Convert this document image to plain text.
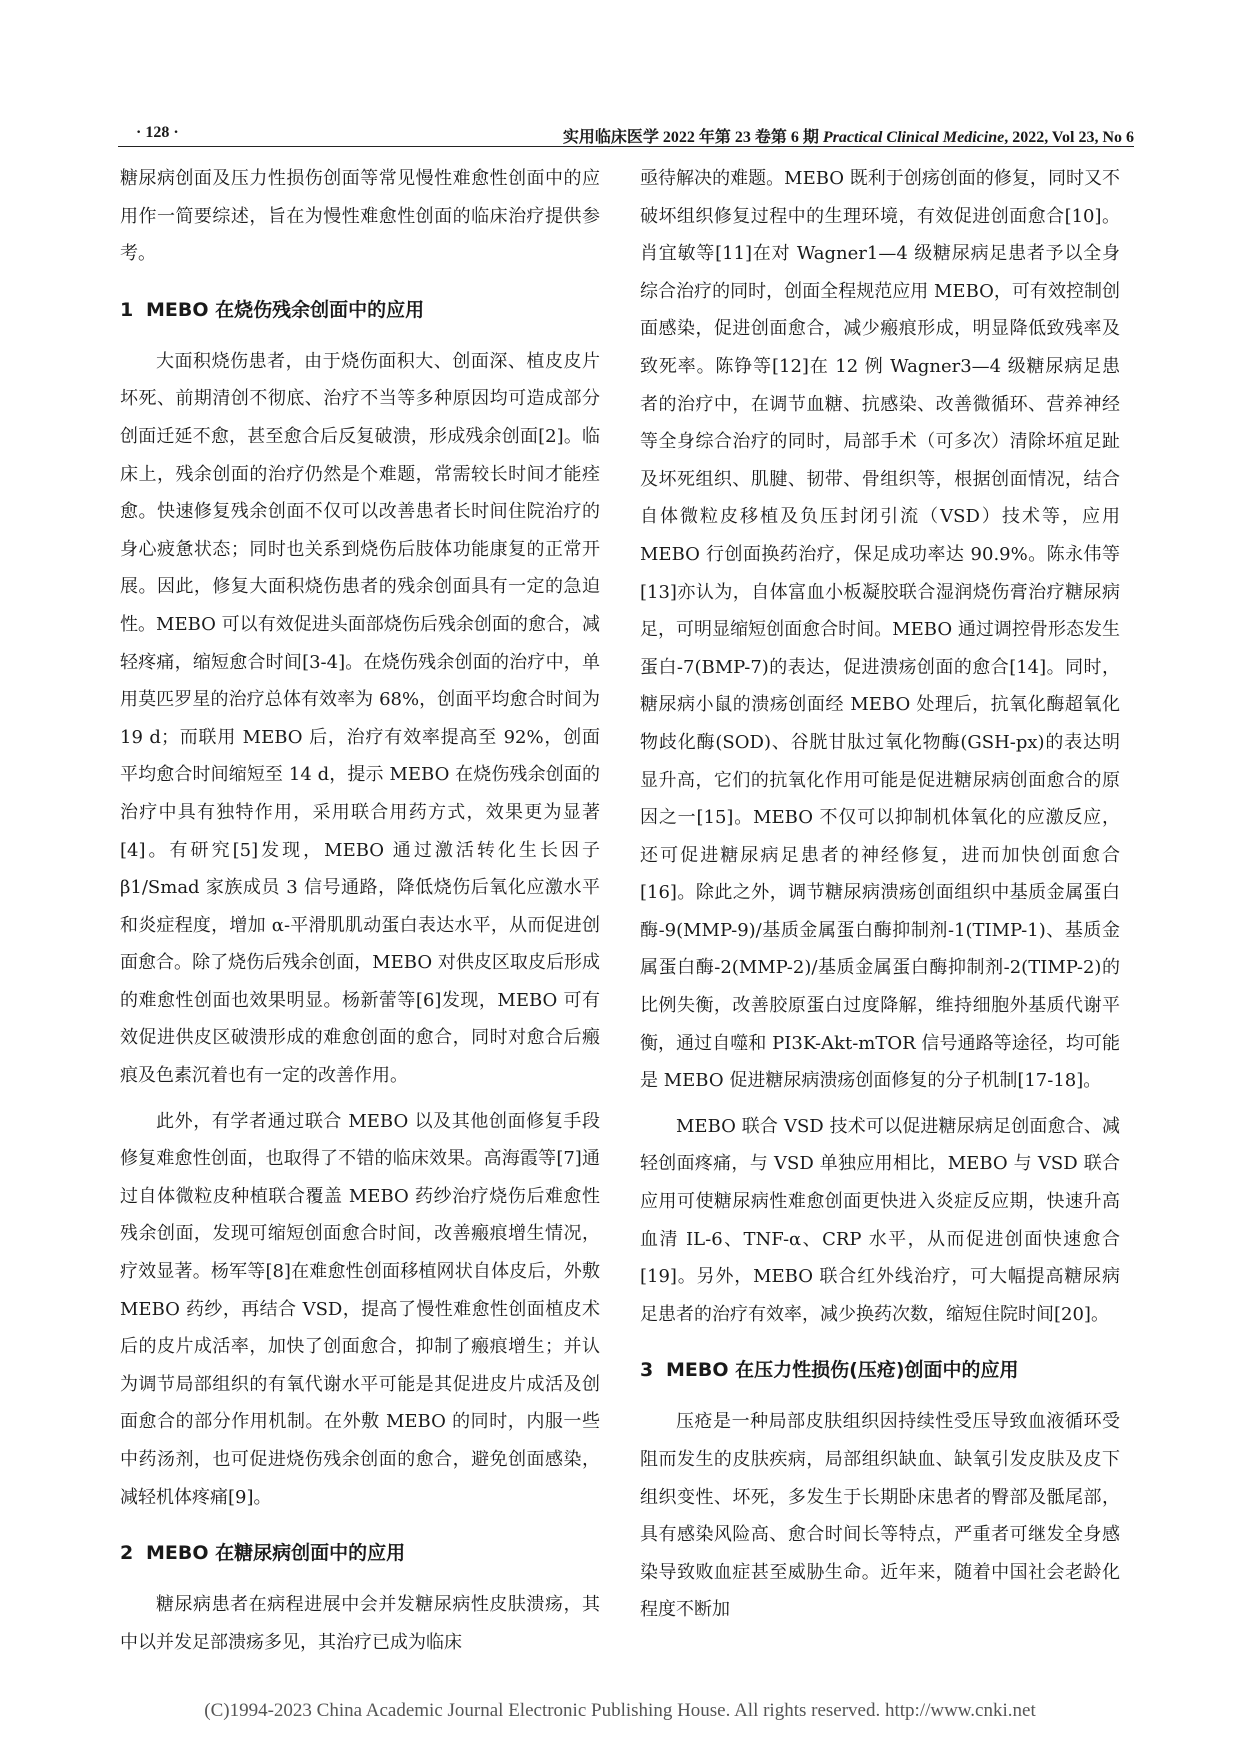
· 128 ·	实用临床医学 2022 年第 23 卷第 6 期 Practical Clinical Medicine, 2022, Vol 23, No 6

糖尿病创面及压力性损伤创面等常见慢性难愈性创面中的应用作一简要综述，旨在为慢性难愈性创面的临床治疗提供参考。

1 MEBO 在烧伤残余创面中的应用

大面积烧伤患者，由于烧伤面积大、创面深、植皮皮片坏死、前期清创不彻底、治疗不当等多种原因均可造成部分创面迁延不愈，甚至愈合后反复破溃，形成残余创面[2]。临床上，残余创面的治疗仍然是个难题，常需较长时间才能痊愈。快速修复残余创面不仅可以改善患者长时间住院治疗的身心疲惫状态；同时也关系到烧伤后肢体功能康复的正常开展。因此，修复大面积烧伤患者的残余创面具有一定的急迫性。MEBO 可以有效促进头面部烧伤后残余创面的愈合，减轻疼痛，缩短愈合时间[3-4]。在烧伤残余创面的治疗中，单用莫匹罗星的治疗总体有效率为 68%，创面平均愈合时间为 19 d；而联用 MEBO 后，治疗有效率提高至 92%，创面平均愈合时间缩短至 14 d，提示 MEBO 在烧伤残余创面的治疗中具有独特作用，采用联合用药方式，效果更为显著[4]。有研究[5]发现，MEBO 通过激活转化生长因子 β1/Smad 家族成员 3 信号通路，降低烧伤后氧化应激水平和炎症程度，增加 α-平滑肌肌动蛋白表达水平，从而促进创面愈合。除了烧伤后残余创面，MEBO 对供皮区取皮后形成的难愈性创面也效果明显。杨新蕾等[6]发现，MEBO 可有效促进供皮区破溃形成的难愈创面的愈合，同时对愈合后瘢痕及色素沉着也有一定的改善作用。

此外，有学者通过联合 MEBO 以及其他创面修复手段修复难愈性创面，也取得了不错的临床效果。高海霞等[7]通过自体微粒皮种植联合覆盖 MEBO 药纱治疗烧伤后难愈性残余创面，发现可缩短创面愈合时间，改善瘢痕增生情况，疗效显著。杨军等[8]在难愈性创面移植网状自体皮后，外敷 MEBO 药纱，再结合 VSD，提高了慢性难愈性创面植皮术后的皮片成活率，加快了创面愈合，抑制了瘢痕增生；并认为调节局部组织的有氧代谢水平可能是其促进皮片成活及创面愈合的部分作用机制。在外敷 MEBO 的同时，内服一些中药汤剂，也可促进烧伤残余创面的愈合，避免创面感染，减轻机体疼痛[9]。

2 MEBO 在糖尿病创面中的应用

糖尿病患者在病程进展中会并发糖尿病性皮肤溃疡，其中以并发足部溃疡多见，其治疗已成为临床

亟待解决的难题。MEBO 既利于创疡创面的修复，同时又不破坏组织修复过程中的生理环境，有效促进创面愈合[10]。肖宜敏等[11]在对 Wagner1—4 级糖尿病足患者予以全身综合治疗的同时，创面全程规范应用 MEBO，可有效控制创面感染，促进创面愈合，减少瘢痕形成，明显降低致残率及致死率。陈铮等[12]在 12 例 Wagner3—4 级糖尿病足患者的治疗中，在调节血糖、抗感染、改善微循环、营养神经等全身综合治疗的同时，局部手术（可多次）清除坏疽足趾及坏死组织、肌腱、韧带、骨组织等，根据创面情况，结合自体微粒皮移植及负压封闭引流（VSD）技术等，应用 MEBO 行创面换药治疗，保足成功率达 90.9%。陈永伟等[13]亦认为，自体富血小板凝胶联合湿润烧伤膏治疗糖尿病足，可明显缩短创面愈合时间。MEBO 通过调控骨形态发生蛋白-7(BMP-7)的表达，促进溃疡创面的愈合[14]。同时，糖尿病小鼠的溃疡创面经 MEBO 处理后，抗氧化酶超氧化物歧化酶(SOD)、谷胱甘肽过氧化物酶(GSH-px)的表达明显升高，它们的抗氧化作用可能是促进糖尿病创面愈合的原因之一[15]。MEBO 不仅可以抑制机体氧化的应激反应，还可促进糖尿病足患者的神经修复，进而加快创面愈合[16]。除此之外，调节糖尿病溃疡创面组织中基质金属蛋白酶-9(MMP-9)/基质金属蛋白酶抑制剂-1(TIMP-1)、基质金属蛋白酶-2(MMP-2)/基质金属蛋白酶抑制剂-2(TIMP-2)的比例失衡，改善胶原蛋白过度降解，维持细胞外基质代谢平衡，通过自噬和 PI3K-Akt-mTOR 信号通路等途径，均可能是 MEBO 促进糖尿病溃疡创面修复的分子机制[17-18]。

MEBO 联合 VSD 技术可以促进糖尿病足创面愈合、减轻创面疼痛，与 VSD 单独应用相比，MEBO 与 VSD 联合应用可使糖尿病性难愈创面更快进入炎症反应期，快速升高血清 IL-6、TNF-α、CRP 水平，从而促进创面快速愈合[19]。另外，MEBO 联合红外线治疗，可大幅提高糖尿病足患者的治疗有效率，减少换药次数，缩短住院时间[20]。

3 MEBO 在压力性损伤(压疮)创面中的应用

压疮是一种局部皮肤组织因持续性受压导致血液循环受阻而发生的皮肤疾病，局部组织缺血、缺氧引发皮肤及皮下组织变性、坏死，多发生于长期卧床患者的臀部及骶尾部，具有感染风险高、愈合时间长等特点，严重者可继发全身感染导致败血症甚至威胁生命。近年来，随着中国社会老龄化程度不断加

(C)1994-2023 China Academic Journal Electronic Publishing House. All rights reserved. http://www.cnki.net
